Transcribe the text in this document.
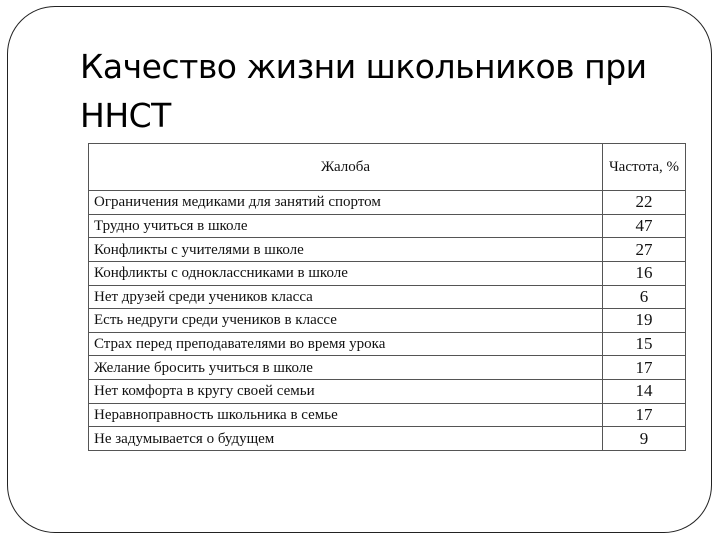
Качество жизни школьников при ННСТ
Жалоба	Частота, %
Ограничения медиками для занятий спортом	22
Трудно учиться в школе	47
Конфликты с учителями в школе	27
Конфликты с одноклассниками в школе	16
Нет друзей среди учеников класса	6
Есть недруги среди учеников в классе	19
Страх перед преподавателями во время урока	15
Желание бросить учиться в школе	17
Нет комфорта в кругу своей семьи	14
Неравноправность школьника в семье	17
Не задумывается о будущем	9
